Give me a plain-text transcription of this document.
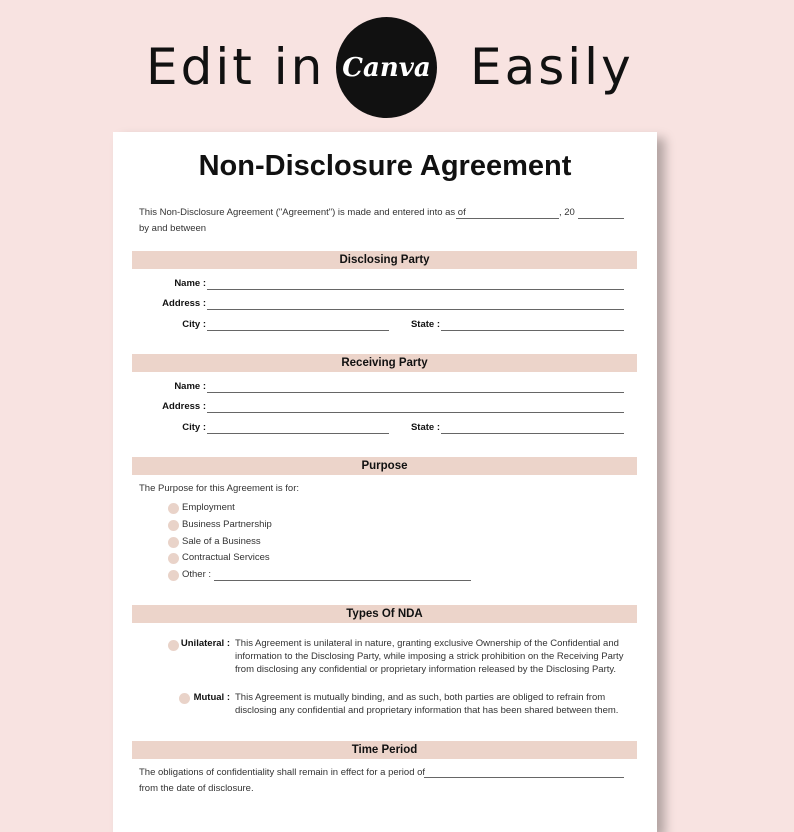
Edit in Canva Easily
Non-Disclosure Agreement
This Non-Disclosure Agreement ("Agreement") is made and entered into as of	, 20
by and between
Disclosing Party
Name :
Address :
City :	State :
Receiving Party
Name :
Address :
City :	State :
Purpose
The Purpose for this Agreement is for:
Employment
Business Partnership
Sale of a Business
Contractual Services
Other :
Types Of NDA
Unilateral : This Agreement is unilateral in nature, granting exclusive Ownership of the Confidential and
information to the Disclosing Party, while imposing a strick prohibition on the Receiving Party
from disclosing any confidential or proprietary information released by the Disclosing Party.
Mutual : This Agreement is mutually binding, and as such, both parties are obliged to refrain from
disclosing any confidential and proprietary information that has been shared between them.
Time Period
The obligations of confidentiality shall remain in effect for a period of
from the date of disclosure.
